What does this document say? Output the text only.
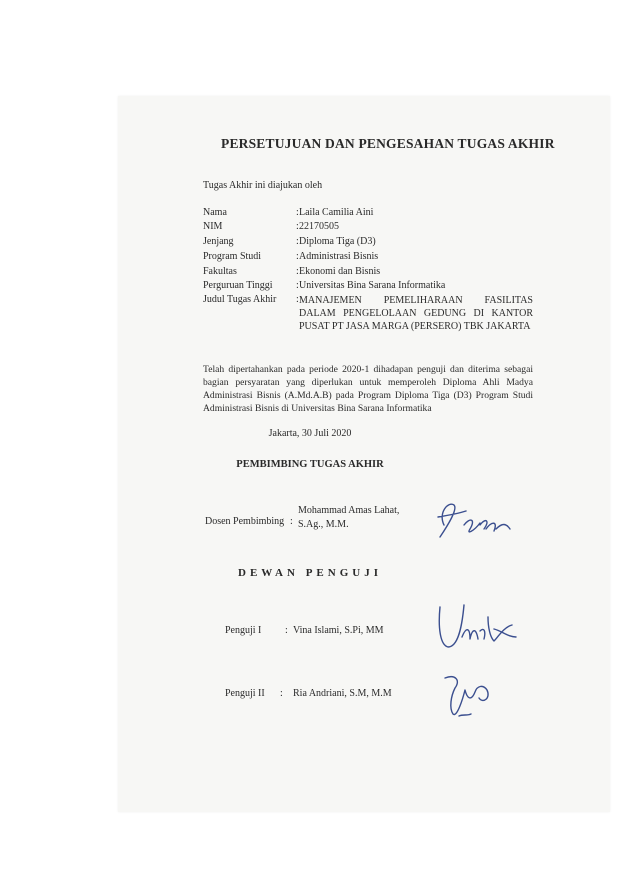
PERSETUJUAN DAN PENGESAHAN TUGAS AKHIR
Tugas Akhir ini diajukan oleh
Nama	: Laila Camilia Aini
NIM	: 22170505
Jenjang	: Diploma Tiga (D3)
Program Studi	: Administrasi Bisnis
Fakultas	: Ekonomi dan Bisnis
Perguruan Tinggi : Universitas Bina Sarana Informatika
Judul Tugas Akhir : MANAJEMEN PEMELIHARAAN FASILITAS DALAM PENGELOLAAN GEDUNG DI KANTOR PUSAT PT JASA MARGA (PERSERO) TBK JAKARTA
Telah dipertahankan pada periode 2020-1 dihadapan penguji dan diterima sebagai bagian persyaratan yang diperlukan untuk memperoleh Diploma Ahli Madya Administrasi Bisnis (A.Md.A.B) pada Program Diploma Tiga (D3) Program Studi Administrasi Bisnis di Universitas Bina Sarana Informatika
Jakarta, 30 Juli 2020
PEMBIMBING TUGAS AKHIR
Dosen Pembimbing :
Mohammad Amas Lahat,
S.Ag., M.M.
DEWAN PENGUJI
Penguji I : Vina Islami, S.Pi, MM
Penguji II : Ria Andriani, S.M, M.M
